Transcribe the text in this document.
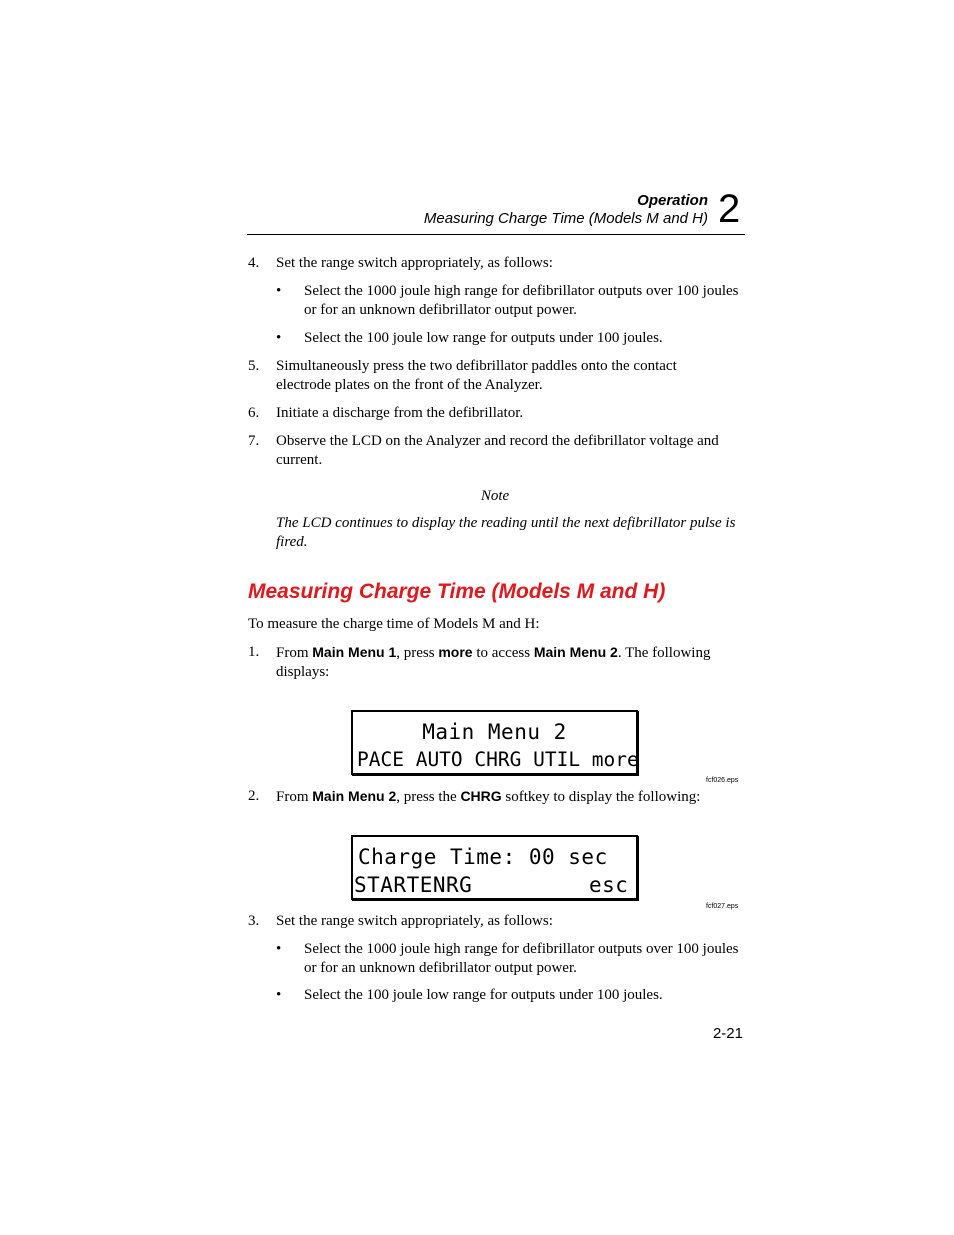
Operation
Measuring Charge Time (Models M and H) 2
4. Set the range switch appropriately, as follows:
• Select the 1000 joule high range for defibrillator outputs over 100 joules or for an unknown defibrillator output power.
• Select the 100 joule low range for outputs under 100 joules.
5. Simultaneously press the two defibrillator paddles onto the contact electrode plates on the front of the Analyzer.
6. Initiate a discharge from the defibrillator.
7. Observe the LCD on the Analyzer and record the defibrillator voltage and current.
Note
The LCD continues to display the reading until the next defibrillator pulse is fired.
Measuring Charge Time (Models M and H)
To measure the charge time of Models M and H:
1. From Main Menu 1, press more to access Main Menu 2. The following displays:
Main Menu 2
PACE AUTO CHRG UTIL more
fcf026.eps
2. From Main Menu 2, press the CHRG softkey to display the following:
Charge Time: 00 sec
STARTENRG	esc
fcf027.eps
3. Set the range switch appropriately, as follows:
• Select the 1000 joule high range for defibrillator outputs over 100 joules or for an unknown defibrillator output power.
• Select the 100 joule low range for outputs under 100 joules.
2-21
